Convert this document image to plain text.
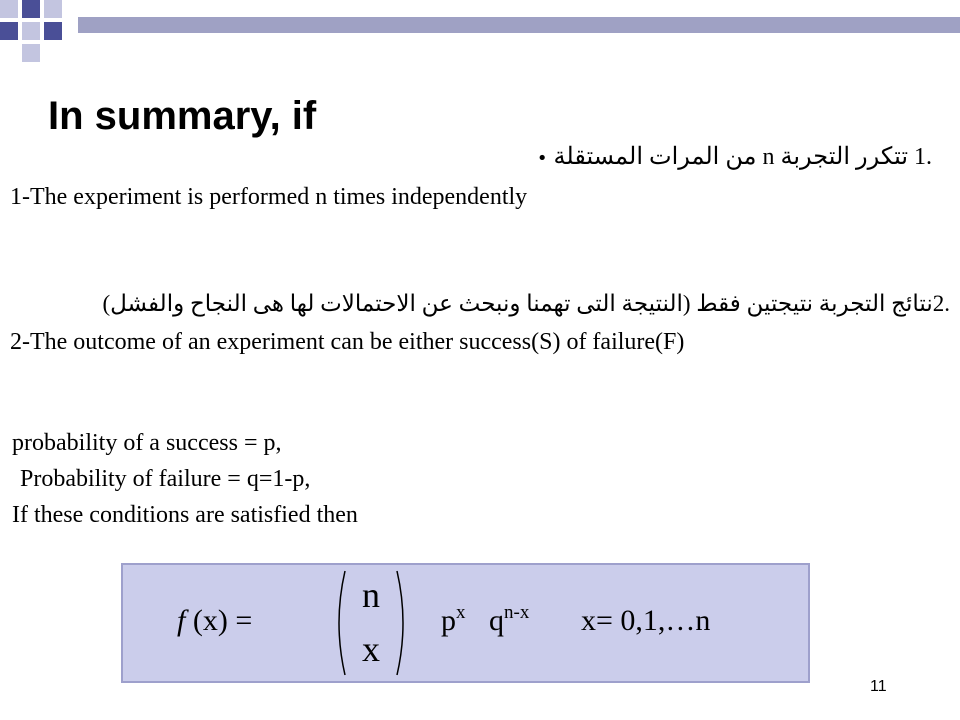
In summary, if
.1 تتكرر التجربة n من المرات المستقلة •
1-The experiment is performed n times independently
.2نتائج التجربة نتيجتين فقط (النتيجة التى تهمنا ونبحث عن الاحتمالات لها هى النجاح والفشل)
2-The outcome of an experiment can be either success(S) of failure(F)
probability of a success = p,
Probability of failure = q=1-p,
If these conditions are satisfied then
f (x) =
n
x
$p^x$ $q^{n-x}$ x= 0,1,…n
11
